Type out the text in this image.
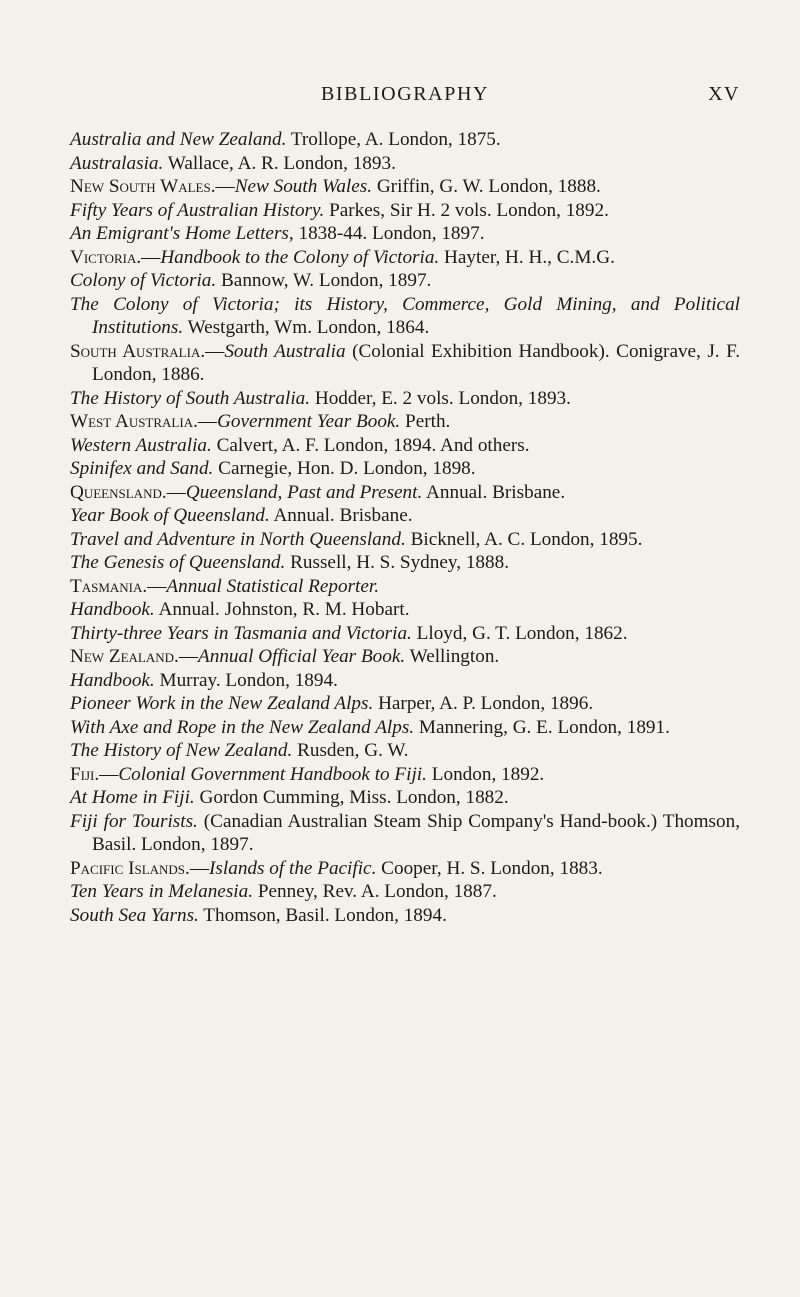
BIBLIOGRAPHY	XV
Australia and New Zealand. Trollope, A. London, 1875.
Australasia. Wallace, A. R. London, 1893.
New South Wales.—New South Wales. Griffin, G. W. London, 1888.
Fifty Years of Australian History. Parkes, Sir H. 2 vols. London, 1892.
An Emigrant's Home Letters, 1838-44. London, 1897.
Victoria.—Handbook to the Colony of Victoria. Hayter, H. H., C.M.G.
Colony of Victoria. Bannow, W. London, 1897.
The Colony of Victoria; its History, Commerce, Gold Mining, and Political Institutions. Westgarth, Wm. London, 1864.
South Australia.—South Australia (Colonial Exhibition Handbook). Conigrave, J. F. London, 1886.
The History of South Australia. Hodder, E. 2 vols. London, 1893.
West Australia.—Government Year Book. Perth.
Western Australia. Calvert, A. F. London, 1894. And others.
Spinifex and Sand. Carnegie, Hon. D. London, 1898.
Queensland.—Queensland, Past and Present. Annual. Brisbane.
Year Book of Queensland. Annual. Brisbane.
Travel and Adventure in North Queensland. Bicknell, A. C. London, 1895.
The Genesis of Queensland. Russell, H. S. Sydney, 1888.
Tasmania.—Annual Statistical Reporter.
Handbook. Annual. Johnston, R. M. Hobart.
Thirty-three Years in Tasmania and Victoria. Lloyd, G. T. London, 1862.
New Zealand.—Annual Official Year Book. Wellington.
Handbook. Murray. London, 1894.
Pioneer Work in the New Zealand Alps. Harper, A. P. London, 1896.
With Axe and Rope in the New Zealand Alps. Mannering, G. E. London, 1891.
The History of New Zealand. Rusden, G. W.
Fiji.—Colonial Government Handbook to Fiji. London, 1892.
At Home in Fiji. Gordon Cumming, Miss. London, 1882.
Fiji for Tourists. (Canadian Australian Steam Ship Company's Hand-book.) Thomson, Basil. London, 1897.
Pacific Islands.—Islands of the Pacific. Cooper, H. S. London, 1883.
Ten Years in Melanesia. Penney, Rev. A. London, 1887.
South Sea Yarns. Thomson, Basil. London, 1894.
